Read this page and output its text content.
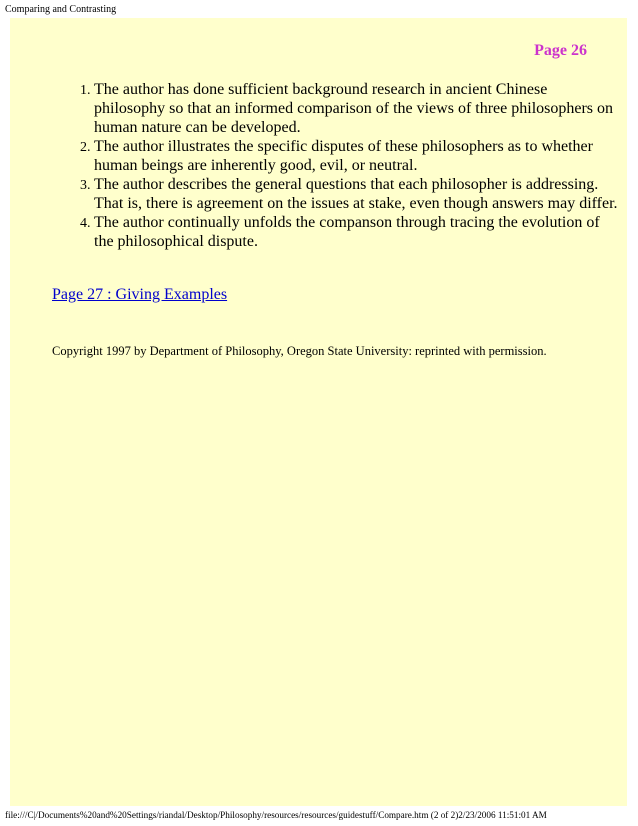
Comparing and Contrasting
Page 26
1. The author has done sufficient background research in ancient Chinese philosophy so that an informed comparison of the views of three philosophers on human nature can be developed.
2. The author illustrates the specific disputes of these philosophers as to whether human beings are inherently good, evil, or neutral.
3. The author describes the general questions that each philosopher is addressing. That is, there is agreement on the issues at stake, even though answers may differ.
4. The author continually unfolds the companson through tracing the evolution of the philosophical dispute.
Page 27 : Giving Examples
Copyright 1997 by Department of Philosophy, Oregon State University: reprinted with permission.
file:///C|/Documents%20and%20Settings/riandal/Desktop/Philosophy/resources/resources/guidestuff/Compare.htm (2 of 2)2/23/2006 11:51:01 AM
